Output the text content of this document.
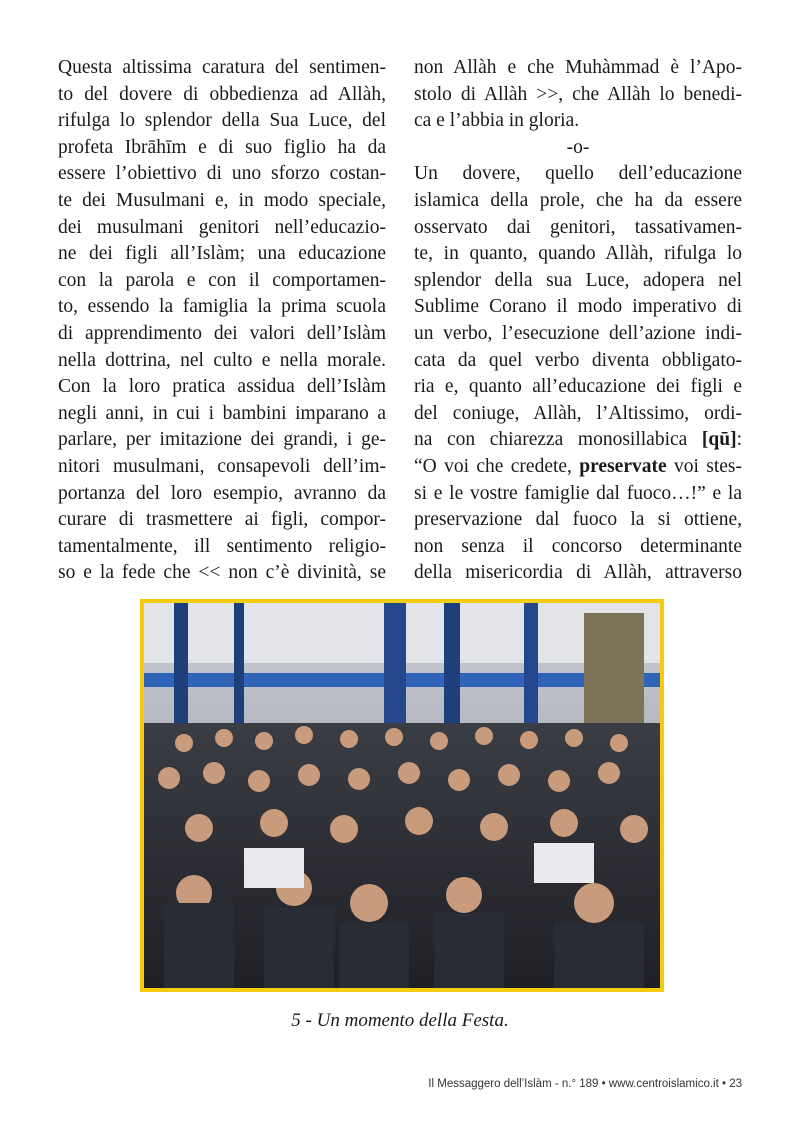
Questa altissima caratura del sentimen-
to del dovere di obbedienza ad Allàh,
rifulga lo splendor della Sua Luce, del
profeta Ibrāhīm e di suo figlio ha da
essere l’obiettivo di uno sforzo costan-
te dei Musulmani e, in modo speciale,
dei musulmani genitori nell’educazio-
ne dei figli all’Islàm; una educazione
con la parola e con il comportamen-
to, essendo la famiglia la prima scuola
di apprendimento dei valori dell’Islàm
nella dottrina, nel culto e nella morale.
Con la loro pratica assidua dell’Islàm
negli anni, in cui i bambini imparano a
parlare, per imitazione dei grandi, i ge-
nitori musulmani, consapevoli dell’im-
portanza del loro esempio, avranno da
curare di trasmettere ai figli, compor-
tamentalmente, ill sentimento religio-
so e la fede che << non c’è divinità, se
non Allàh e che Muhàmmad è l’Apo-
stolo di Allàh >>, che Allàh lo benedi-
ca e l’abbia in gloria.
-o-
Un dovere, quello dell’educazione
islamica della prole, che ha da essere
osservato dai genitori, tassativamen-
te, in quanto, quando Allàh, rifulga lo
splendor della sua Luce, adopera nel
Sublime Corano il modo imperativo di
un verbo, l’esecuzione dell’azione indi-
cata da quel verbo diventa obbligato-
ria e, quanto all’educazione dei figli e
del coniuge, Allàh, l’Altissimo, ordi-
na con chiarezza monosillabica [qū]:
“O voi che credete, preservate voi stes-
si e le vostre famiglie dal fuoco…!” e la
preservazione dal fuoco la si ottiene,
non senza il concorso determinante
della misericordia di Allàh, attraverso
5 - Un momento della Festa.
Il Messaggero dell’Islàm - n.° 189 • www.centroislamico.it • 23
